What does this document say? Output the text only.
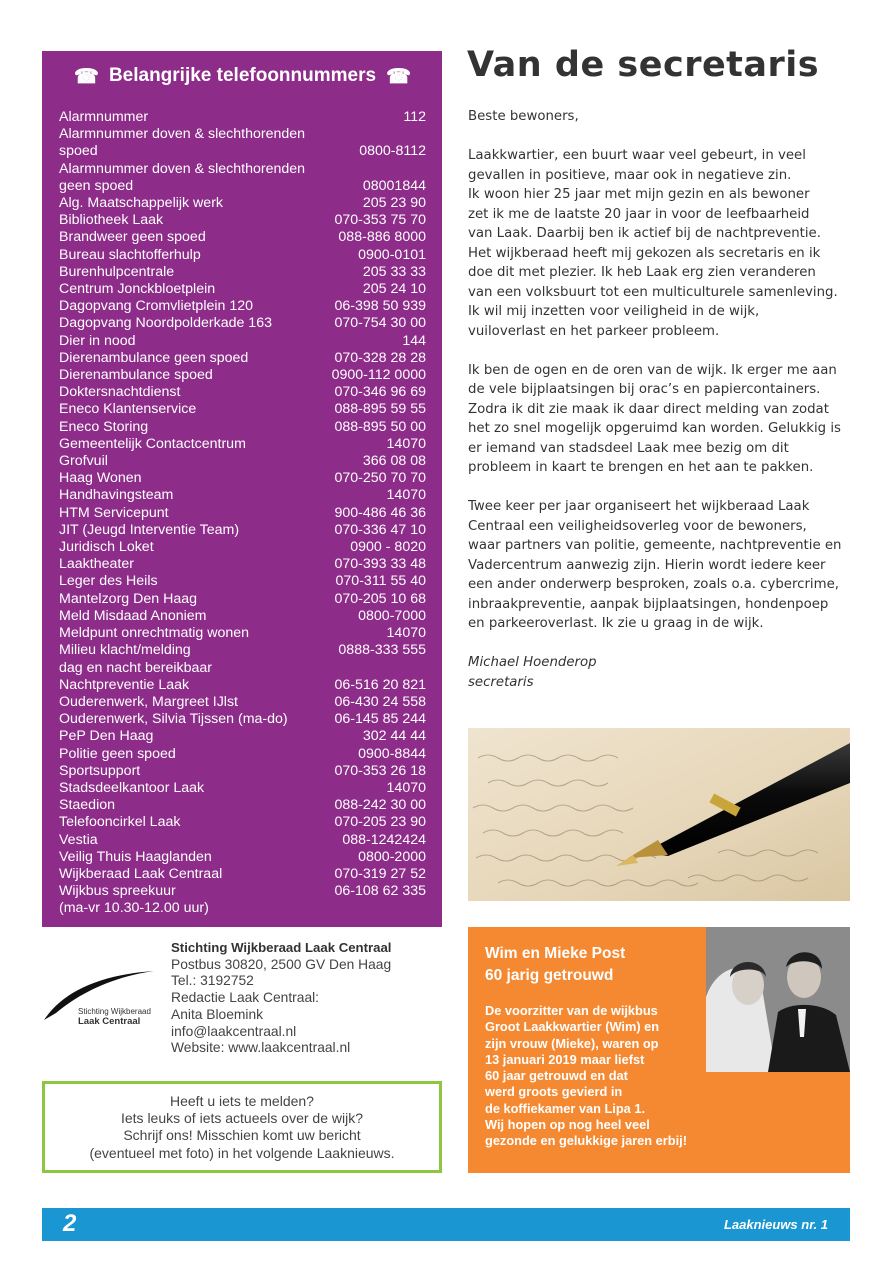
☎ Belangrijke telefoonnummers ☎
Alarmnummer	112
Alarmnummer doven & slechthorenden spoed	0800-8112
Alarmnummer doven & slechthorenden geen spoed	08001844
Alg. Maatschappelijk werk	205 23 90
Bibliotheek Laak	070-353 75 70
Brandweer geen spoed	088-886 8000
Bureau slachtofferhulp	0900-0101
Burenhulpcentrale	205 33 33
Centrum Jonckbloetplein	205 24 10
Dagopvang Cromvlietplein 120	06-398 50 939
Dagopvang Noordpolderkade 163	070-754 30 00
Dier in nood	144
Dierenambulance geen spoed	070-328 28 28
Dierenambulance spoed	0900-112 0000
Doktersnachtdienst	070-346 96 69
Eneco Klantenservice	088-895 59 55
Eneco Storing	088-895 50 00
Gemeentelijk Contactcentrum	14070
Grofvuil	366 08 08
Haag Wonen	070-250 70 70
Handhavingsteam	14070
HTM Servicepunt	900-486 46 36
JIT (Jeugd Interventie Team)	070-336 47 10
Juridisch Loket	0900 - 8020
Laaktheater	070-393 33 48
Leger des Heils	070-311 55 40
Mantelzorg Den Haag	070-205 10 68
Meld Misdaad Anoniem	0800-7000
Meldpunt onrechtmatig wonen	14070
Milieu klacht/melding	0888-333 555
dag en nacht bereikbaar
Nachtpreventie Laak	06-516 20 821
Ouderenwerk, Margreet IJlst	06-430 24 558
Ouderenwerk, Silvia Tijssen (ma-do)	06-145 85 244
PeP Den Haag	302 44 44
Politie geen spoed	0900-8844
Sportsupport	070-353 26 18
Stadsdeelkantoor Laak	14070
Staedion	088-242 30 00
Telefooncirkel Laak	070-205 23 90
Vestia	088-1242424
Veilig Thuis Haaglanden	0800-2000
Wijkberaad Laak Centraal	070-319 27 52
Wijkbus spreekuur	06-108 62 335
(ma-vr 10.30-12.00 uur)
Stichting Wijkberaad
Laak Centraal
Stichting Wijkberaad Laak Centraal
Postbus 30820, 2500 GV Den Haag
Tel.: 3192752
Redactie Laak Centraal:
Anita Bloemink
info@laakcentraal.nl
Website: www.laakcentraal.nl
Heeft u iets te melden?
Iets leuks of iets actueels over de wijk?
Schrijf ons! Misschien komt uw bericht
(eventueel met foto) in het volgende Laaknieuws.
Van de secretaris

Beste bewoners,

Laakkwartier, een buurt waar veel gebeurt, in veel
gevallen in positieve, maar ook in negatieve zin.
Ik woon hier 25 jaar met mijn gezin en als bewoner
zet ik me de laatste 20 jaar in voor de leefbaarheid
van Laak. Daarbij ben ik actief bij de nachtpreventie.
Het wijkberaad heeft mij gekozen als secretaris en ik
doe dit met plezier. Ik heb Laak erg zien veranderen
van een volksbuurt tot een multiculturele samenleving.
Ik wil mij inzetten voor veiligheid in de wijk,
vuiloverlast en het parkeer probleem.

Ik ben de ogen en de oren van de wijk. Ik erger me aan
de vele bijplaatsingen bij orac’s en papiercontainers.
Zodra ik dit zie maak ik daar direct melding van zodat
het zo snel mogelijk opgeruimd kan worden. Gelukkig is
er iemand van stadsdeel Laak mee bezig om dit
probleem in kaart te brengen en het aan te pakken.

Twee keer per jaar organiseert het wijkberaad Laak
Centraal een veiligheidsoverleg voor de bewoners,
waar partners van politie, gemeente, nachtpreventie en
Vadercentrum aanwezig zijn. Hierin wordt iedere keer
een ander onderwerp besproken, zoals o.a. cybercrime,
inbraakpreventie, aanpak bijplaatsingen, hondenpoep
en parkeeroverlast. Ik zie u graag in de wijk.

Michael Hoenderop
secretaris
Wim en Mieke Post
60 jarig getrouwd
De voorzitter van de wijkbus
Groot Laakkwartier (Wim) en
zijn vrouw (Mieke), waren op
13 januari 2019 maar liefst
60 jaar getrouwd en dat
werd groots gevierd in
de koffiekamer van Lipa 1.
Wij hopen op nog heel veel
gezonde en gelukkige jaren erbij!
2	Laaknieuws nr. 1
